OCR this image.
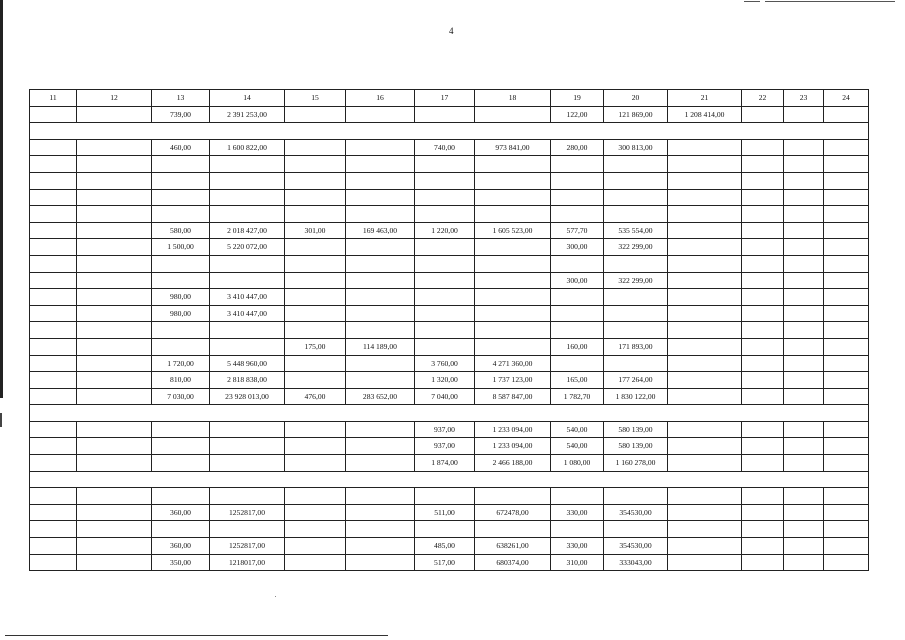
4
11	12	13	14	15	16	17	18	19	20	21	22	23	24
		739,00	2 391 253,00					122,00	121 869,00	1 208 414,00			

		460,00	1 600 822,00			740,00	973 841,00	280,00	300 813,00				

		580,00	2 018 427,00	301,00	169 463,00	1 220,00	1 605 523,00	577,70	535 554,00				
		1 500,00	5 220 072,00					300,00	322 299,00				

								300,00	322 299,00				
		980,00	3 410 447,00										
		980,00	3 410 447,00										

				175,00	114 189,00			160,00	171 893,00				
		1 720,00	5 448 960,00			3 760,00	4 271 360,00						
		810,00	2 818 838,00			1 320,00	1 737 123,00	165,00	177 264,00				
		7 030,00	23 928 013,00	476,00	283 652,00	7 040,00	8 587 847,00	1 782,70	1 830 122,00				

						937,00	1 233 094,00	540,00	580 139,00				
						937,00	1 233 094,00	540,00	580 139,00				
						1 874,00	2 466 188,00	1 080,00	1 160 278,00				

		360,00	1252817,00			511,00	672478,00	330,00	354530,00				

		360,00	1252817,00			485,00	638261,00	330,00	354530,00				
		350,00	1218017,00			517,00	680374,00	310,00	333043,00				
